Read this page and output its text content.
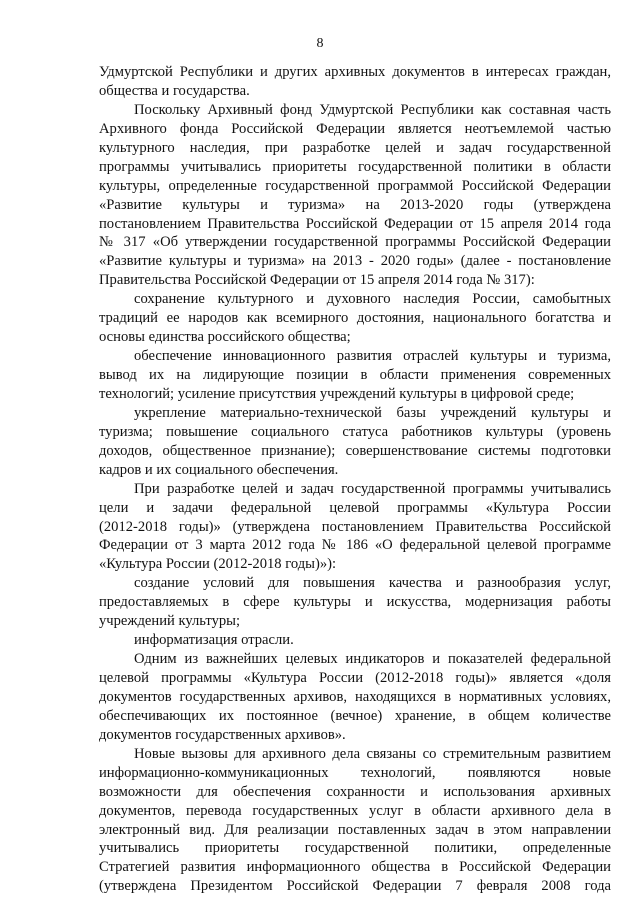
8
Удмуртской Республики и других архивных документов в интересах граждан,
общества и государства.
Поскольку Архивный фонд Удмуртской Республики как составная часть
Архивного фонда Российской Федерации является неотъемлемой частью
культурного наследия, при разработке целей и задач государственной
программы учитывались приоритеты государственной политики в области
культуры, определенные государственной программой Российской Федерации
«Развитие культуры и туризма» на 2013-2020 годы (утверждена
постановлением Правительства Российской Федерации от 15 апреля 2014 года
№ 317 «Об утверждении государственной программы Российской Федерации
«Развитие культуры и туризма» на 2013 - 2020 годы» (далее - постановление
Правительства Российской Федерации от 15 апреля 2014 года № 317):
сохранение культурного и духовного наследия России, самобытных
традиций ее народов как всемирного достояния, национального богатства и
основы единства российского общества;
обеспечение инновационного развития отраслей культуры и туризма,
вывод их на лидирующие позиции в области применения современных
технологий; усиление присутствия учреждений культуры в цифровой среде;
укрепление материально-технической базы учреждений культуры и
туризма; повышение социального статуса работников культуры (уровень
доходов, общественное признание); совершенствование системы подготовки
кадров и их социального обеспечения.
При разработке целей и задач государственной программы учитывались
цели и задачи федеральной целевой программы «Культура России
(2012-2018 годы)» (утверждена постановлением Правительства Российской
Федерации от 3 марта 2012 года № 186 «О федеральной целевой программе
«Культура России (2012-2018 годы)»):
создание условий для повышения качества и разнообразия услуг,
предоставляемых в сфере культуры и искусства, модернизация работы
учреждений культуры;
информатизация отрасли.
Одним из важнейших целевых индикаторов и показателей федеральной
целевой программы «Культура России (2012-2018 годы)» является «доля
документов государственных архивов, находящихся в нормативных условиях,
обеспечивающих их постоянное (вечное) хранение, в общем количестве
документов государственных архивов».
Новые вызовы для архивного дела связаны со стремительным развитием
информационно-коммуникационных технологий, появляются новые
возможности для обеспечения сохранности и использования архивных
документов, перевода государственных услуг в области архивного дела в
электронный вид. Для реализации поставленных задач в этом направлении
учитывались приоритеты государственной политики, определенные
Стратегией развития информационного общества в Российской Федерации
(утверждена Президентом Российской Федерации 7 февраля 2008 года
